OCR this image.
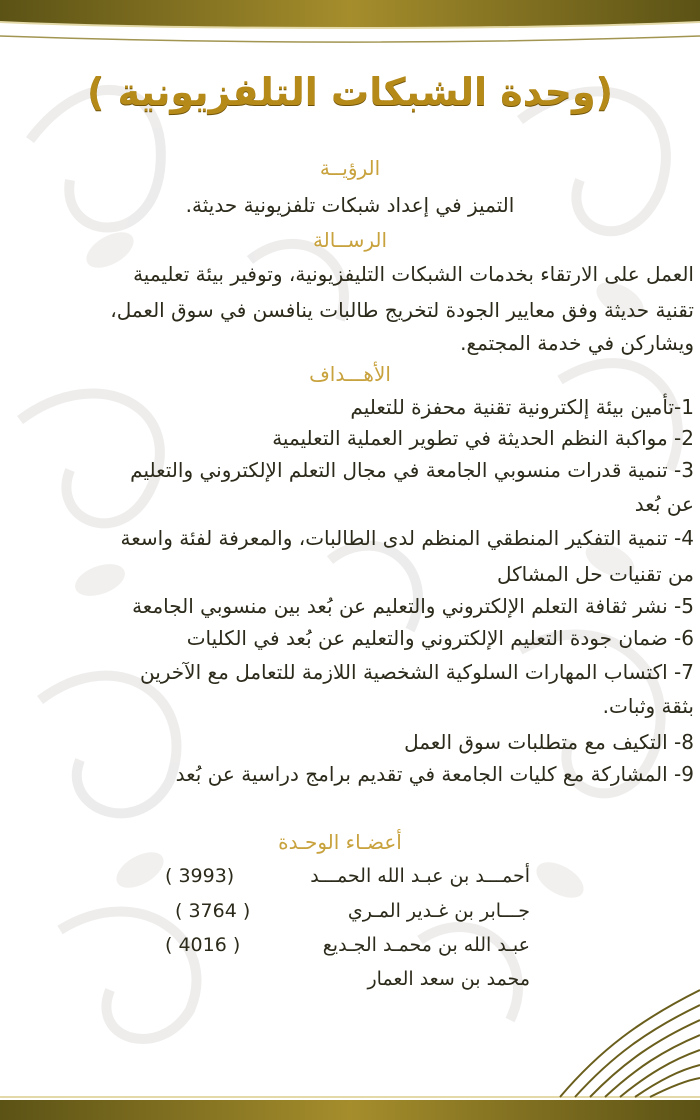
(وحدة الشبكات التلفزيونية )
الرؤيــة
التميز في إعداد شبكات تلفزيونية حديثة.
الرســالة
العمل على الارتقاء بخدمات الشبكات التليفزيونية، وتوفير بيئة تعليمية
تقنية حديثة وفق معايير الجودة لتخريج طالبات ينافسن في سوق العمل،
ويشاركن في خدمة المجتمع.
الأهـــداف
1-تأمين بيئة إلكترونية تقنية محفزة للتعليم
2- مواكبة النظم الحديثة في تطوير العملية التعليمية
3- تنمية قدرات منسوبي الجامعة في مجال التعلم الإلكتروني والتعليم
عن بُعد
4- تنمية التفكير المنطقي المنظم لدى الطالبات، والمعرفة لفئة واسعة
من تقنيات حل المشاكل
5- نشر ثقافة التعلم الإلكتروني والتعليم عن بُعد بين منسوبي الجامعة
6- ضمان جودة التعليم الإلكتروني والتعليم عن بُعد في الكليات
7- اكتساب المهارات السلوكية الشخصية اللازمة للتعامل مع الآخرين
بثقة وثبات.
8- التكيف مع متطلبات سوق العمل
9- المشاركة مع كليات الجامعة في تقديم برامج دراسية عن بُعد
أعضـاء الوحـدة
أحمـــد بن عبـد الله الحمـــد
( 3993)
جـــابر بن غـدير المـري
( 3764 )
عبـد الله بن محمـد الجـديع
( 4016 )
محمد بن سعد العمار
